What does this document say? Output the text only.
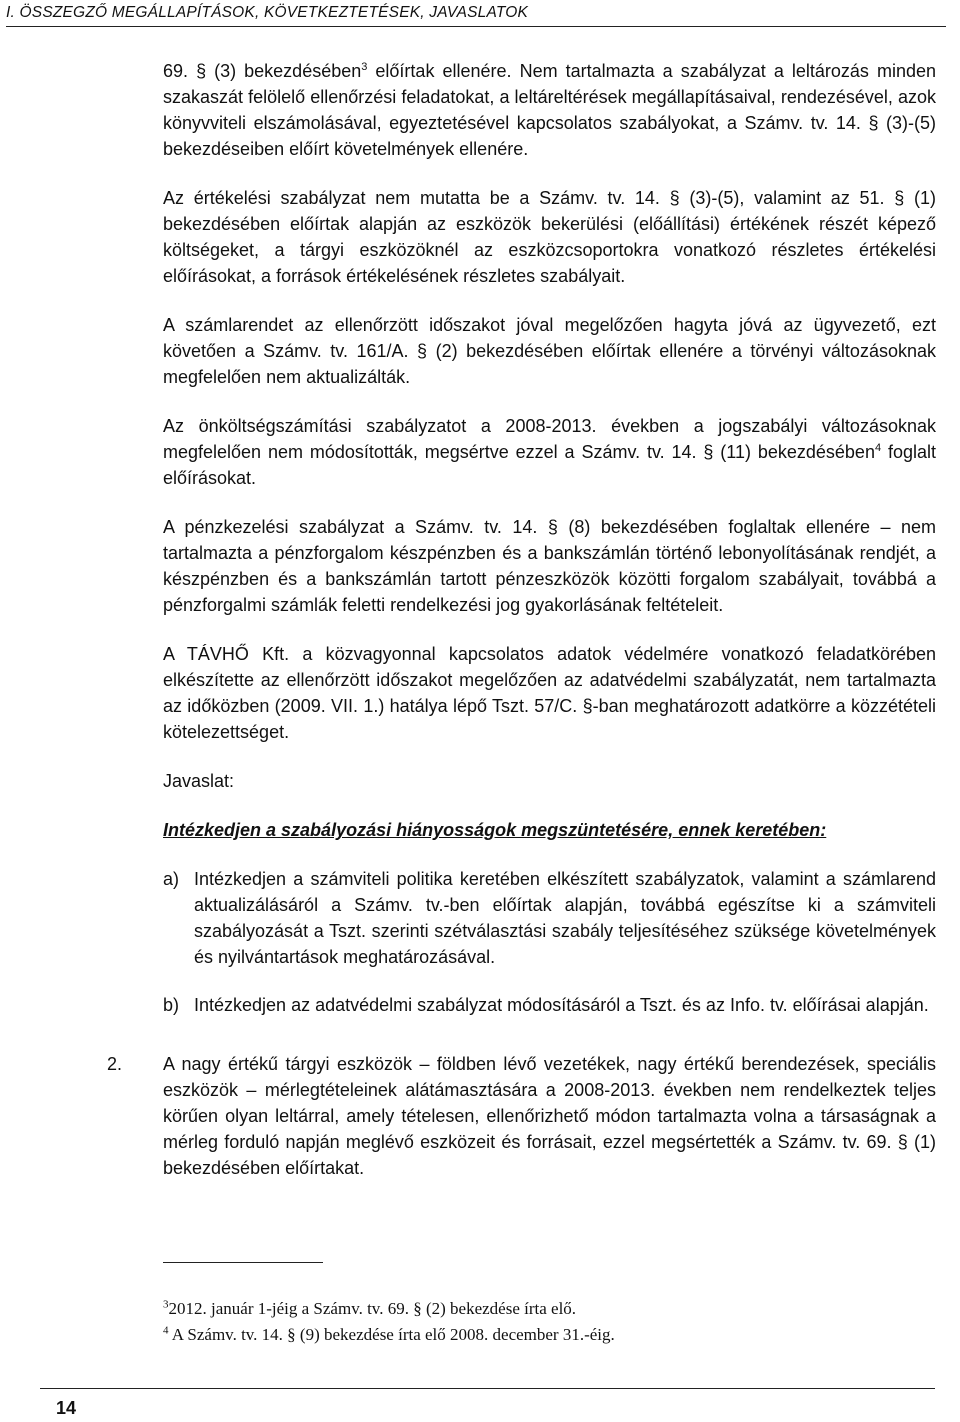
I. ÖSSZEGZŐ MEGÁLLAPÍTÁSOK, KÖVETKEZTETÉSEK, JAVASLATOK

69. § (3) bekezdésében$^3$ előírtak ellenére. Nem tartalmazta a szabályzat a leltározás minden szakaszát felölelő ellenőrzési feladatokat, a leltáreltérések megállapításaival, rendezésével, azok könyvviteli elszámolásával, egyeztetésével kapcsolatos szabályokat, a Számv. tv. 14. § (3)-(5) bekezdéseiben előírt követelmények ellenére.

Az értékelési szabályzat nem mutatta be a Számv. tv. 14. § (3)-(5), valamint az 51. § (1) bekezdésében előírtak alapján az eszközök bekerülési (előállítási) értékének részét képező költségeket, a tárgyi eszközöknél az eszközcsoportokra vonatkozó részletes értékelési előírásokat, a források értékelésének részletes szabályait.

A számlarendet az ellenőrzött időszakot jóval megelőzően hagyta jóvá az ügyvezető, ezt követően a Számv. tv. 161/A. § (2) bekezdésében előírtak ellenére a törvényi változásoknak megfelelően nem aktualizálták.

Az önköltségszámítási szabályzatot a 2008-2013. években a jogszabályi változásoknak megfelelően nem módosították, megsértve ezzel a Számv. tv. 14. § (11) bekezdésében$^4$ foglalt előírásokat.

A pénzkezelési szabályzat a Számv. tv. 14. § (8) bekezdésében foglaltak ellenére – nem tartalmazta a pénzforgalom készpénzben és a bankszámlán történő lebonyolításának rendjét, a készpénzben és a bankszámlán tartott pénzeszközök közötti forgalom szabályait, továbbá a pénzforgalmi számlák feletti rendelkezési jog gyakorlásának feltételeit.

A TÁVHŐ Kft. a közvagyonnal kapcsolatos adatok védelmére vonatkozó feladatkörében elkészítette az ellenőrzött időszakot megelőzően az adatvédelmi szabályzatát, nem tartalmazta az időközben (2009. VII. 1.) hatálya lépő Tszt. 57/C. §-ban meghatározott adatkörre a közzétételi kötelezettséget.

Javaslat:

Intézkedjen a szabályozási hiányosságok megszüntetésére, ennek keretében:
a) Intézkedjen a számviteli politika keretében elkészített szabályzatok, valamint a számlarend aktualizálásáról a Számv. tv.-ben előírtak alapján, továbbá egészítse ki a számviteli szabályozását a Tszt. szerinti szétválasztási szabály teljesítéséhez szüksége követelmények és nyilvántartások meghatározásával.
b) Intézkedjen az adatvédelmi szabályzat módosításáról a Tszt. és az Info. tv. előírásai alapján.
2. A nagy értékű tárgyi eszközök – földben lévő vezetékek, nagy értékű berendezések, speciális eszközök – mérlegtételeinek alátámasztására a 2008-2013. években nem rendelkeztek teljes körűen olyan leltárral, amely tételesen, ellenőrizhető módon tartalmazta volna a társaságnak a mérleg forduló napján meglévő eszközeit és forrásait, ezzel megsértették a Számv. tv. 69. § (1) bekezdésében előírtakat.
$^3$2012. január 1-jéig a Számv. tv. 69. § (2) bekezdése írta elő.
$^4$ A Számv. tv. 14. § (9) bekezdése írta elő 2008. december 31.-éig.
14
